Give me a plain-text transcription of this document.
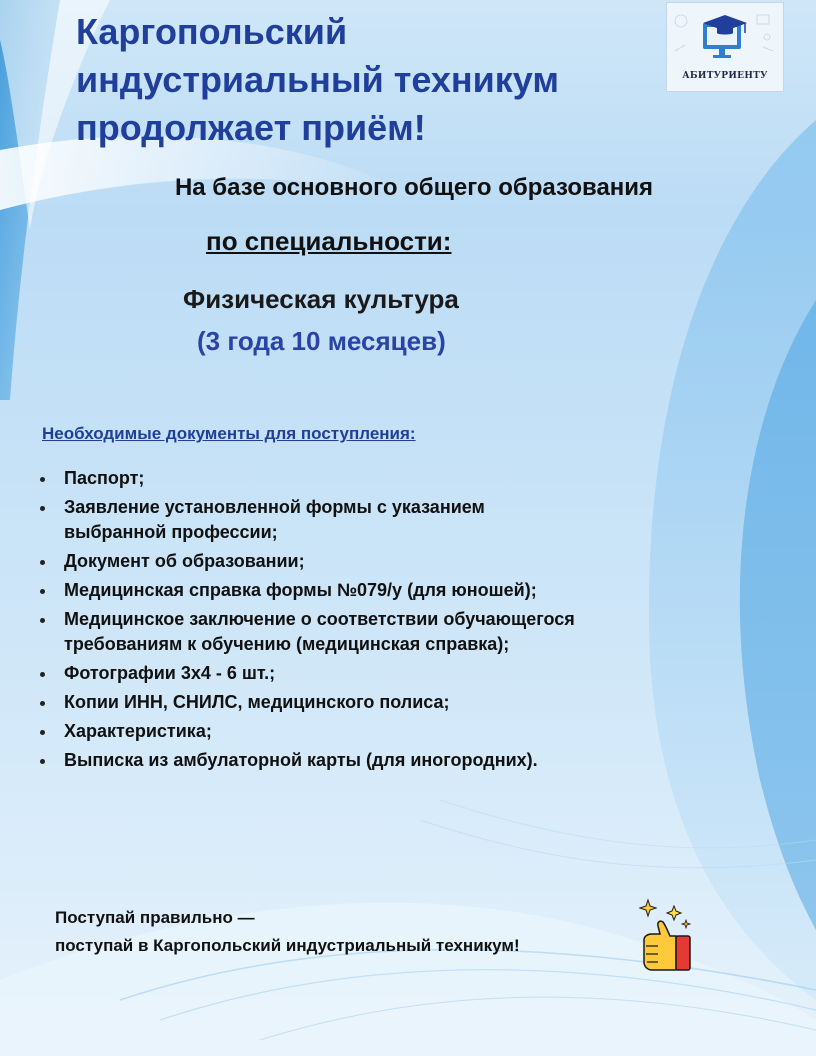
Каргопольский
индустриальный техникум
продолжает приём!
АБИТУРИЕНТУ

На базе основного общего образования

по специальности:
Физическая культура
(3 года 10 месяцев)
Необходимые документы для поступления:
Паспорт;
Заявление установленной формы с указанием
выбранной профессии;
Документ об образовании;
Медицинская справка формы №079/у (для юношей);
Медицинское заключение о соответствии обучающегося
требованиям к обучению (медицинская справка);
Фотографии 3х4 - 6 шт.;
Копии ИНН, СНИЛС, медицинского полиса;
Характеристика;
Выписка из амбулаторной карты (для иногородних).
Поступай правильно —
поступай в Каргопольский индустриальный техникум!
